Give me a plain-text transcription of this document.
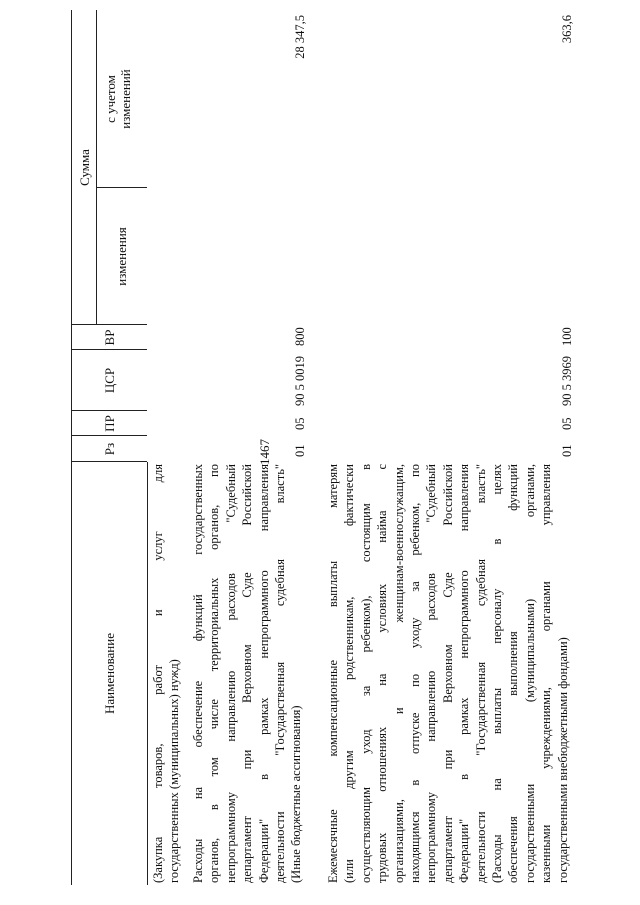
1467
Наименование
Рз
ПР
ЦСР
ВР
Сумма
изменения
с учетом изменений
(Закупка товаров, работ и услуг для государственных (муниципальных) нужд) Расходы на обеспечение функций государственных органов, в том числе территориальных органов, по непрограммному направлению расходов "Судебный департамент при Верховном Суде Российской Федерации" в рамках непрограммного направления деятельности "Государственная судебная власть" (Иные бюджетные ассигнования)
01
05
90 5 0019
800
28 347,5
Ежемесячные компенсационные выплаты матерям (или другим родственникам, фактически осуществляющим уход за ребенком), состоящим в трудовых отношениях на условиях найма с организациями, и женщинам-военнослужащим, находящимся в отпуске по уходу за ребенком, по непрограммному направлению расходов "Судебный департамент при Верховном Суде Российской Федерации" в рамках непрограммного направления деятельности "Государственная судебная власть" (Расходы на выплаты персоналу в целях обеспечения выполнения функций государственными (муниципальными) органами, казенными учреждениями, органами управления государственными внебюджетными фондами)
01
05
90 5 3969
100
363,6
